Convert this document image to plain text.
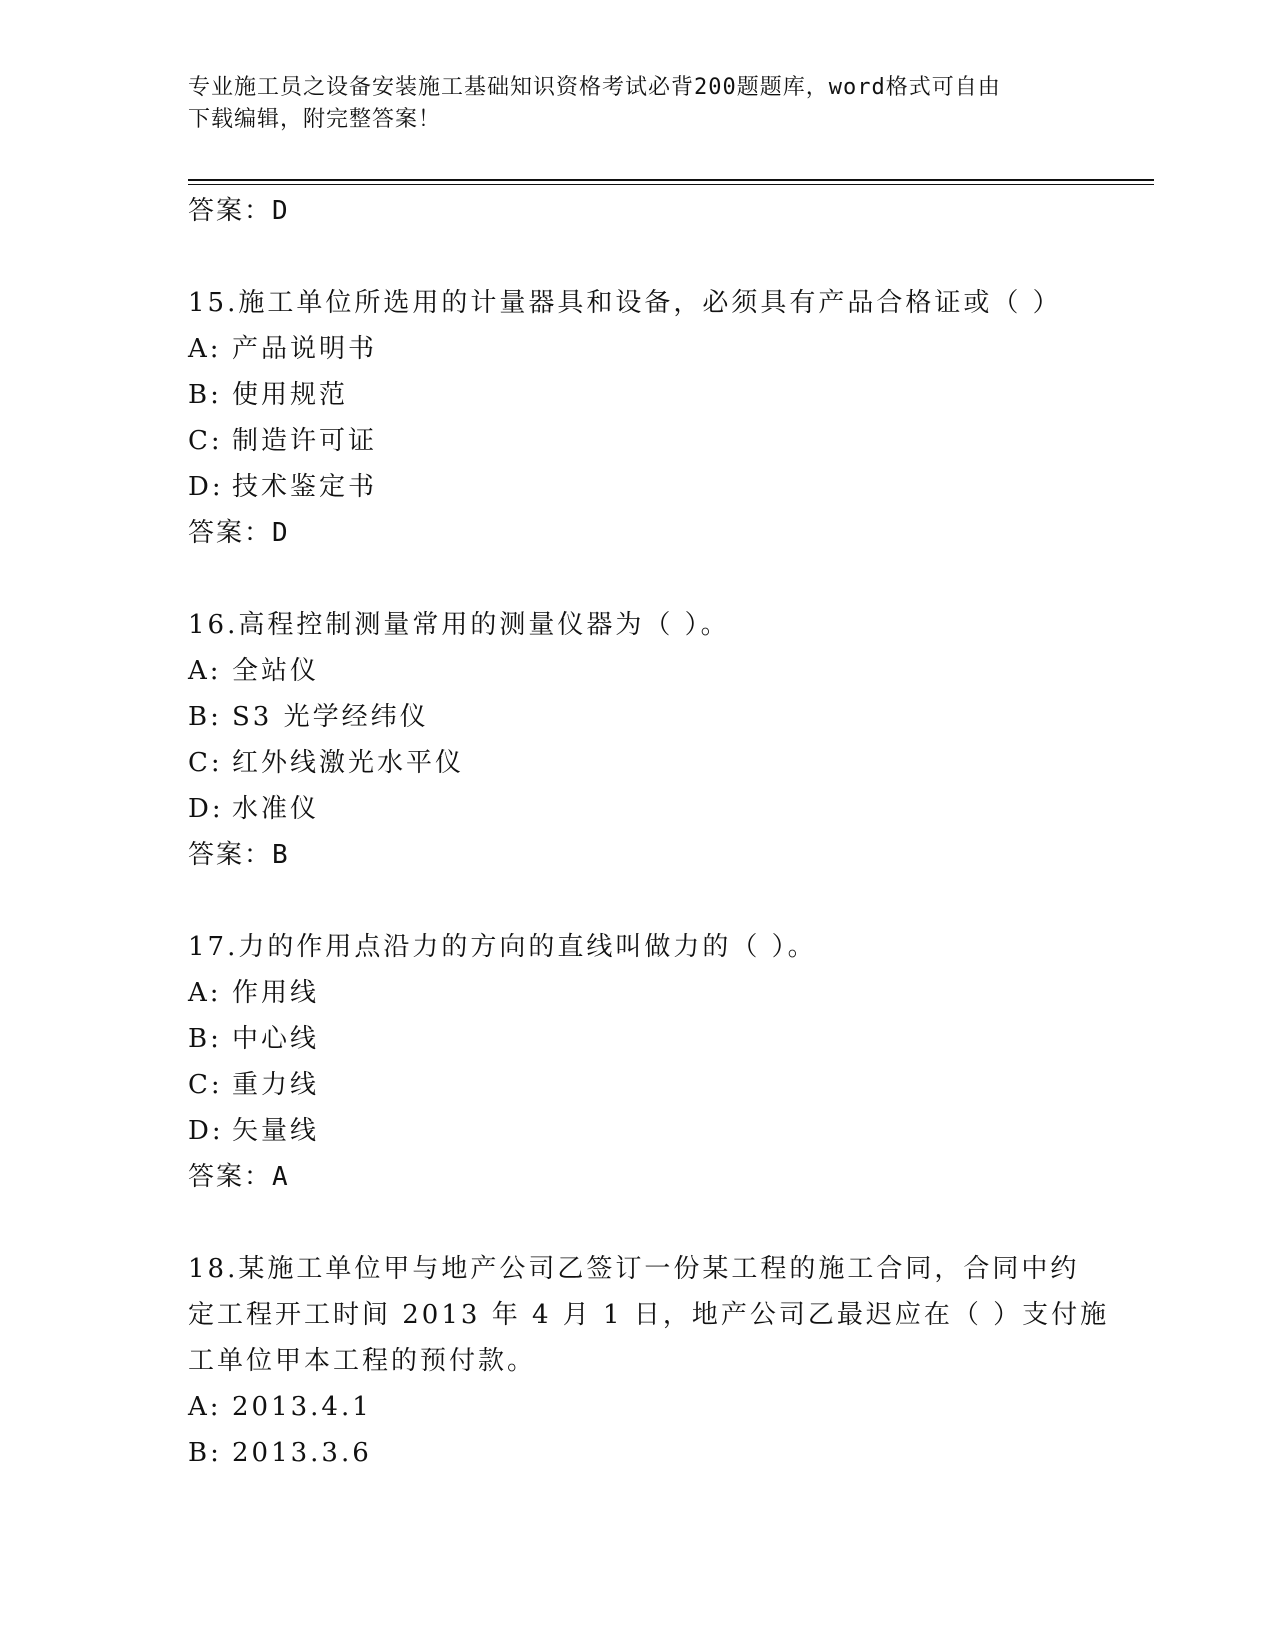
专业施工员之设备安装施工基础知识资格考试必背200题题库，word格式可自由
下载编辑，附完整答案！
答案：D
15.施工单位所选用的计量器具和设备，必须具有产品合格证或（ ）
A: 产品说明书
B: 使用规范
C: 制造许可证
D: 技术鉴定书
答案：D
16.高程控制测量常用的测量仪器为（ ）。
A: 全站仪
B: S3 光学经纬仪
C: 红外线激光水平仪
D: 水准仪
答案：B
17.力的作用点沿力的方向的直线叫做力的（ ）。
A: 作用线
B: 中心线
C: 重力线
D: 矢量线
答案：A
18.某施工单位甲与地产公司乙签订一份某工程的施工合同，合同中约
定工程开工时间 2013 年 4 月 1 日，地产公司乙最迟应在（ ）支付施
工单位甲本工程的预付款。
A: 2013.4.1
B: 2013.3.6
